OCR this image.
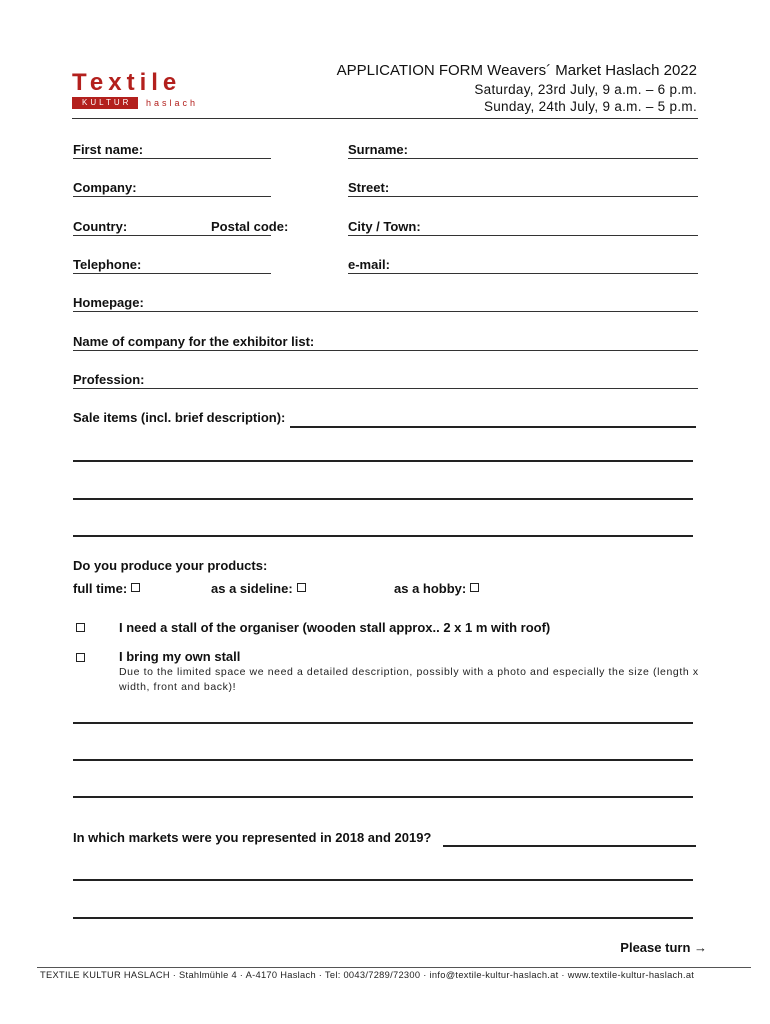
Textile
KULTUR	haslach
APPLICATION FORM Weavers´ Market Haslach 2022
Saturday, 23rd July, 9 a.m. – 6 p.m.
Sunday, 24th July, 9 a.m. – 5 p.m.
First name:	Surname:
Company:	Street:
Country:	Postal code:	City / Town:
Telephone:	e-mail:
Homepage:
Name of company for the exhibitor list:
Profession:
Sale items (incl. brief description):
Do you produce your products:
full time:	as a sideline:	as a hobby:
I need a stall of the organiser (wooden stall approx.. 2 x 1 m with roof)
I bring my own stall
Due to the limited space we need a detailed description, possibly with a photo and especially the size (length x width, front and back)!
In which markets were you represented in 2018 and 2019?
Please turn →
TEXTILE KULTUR HASLACH · Stahlmühle 4 · A-4170 Haslach · Tel: 0043/7289/72300 · info@textile-kultur-haslach.at · www.textile-kultur-haslach.at
